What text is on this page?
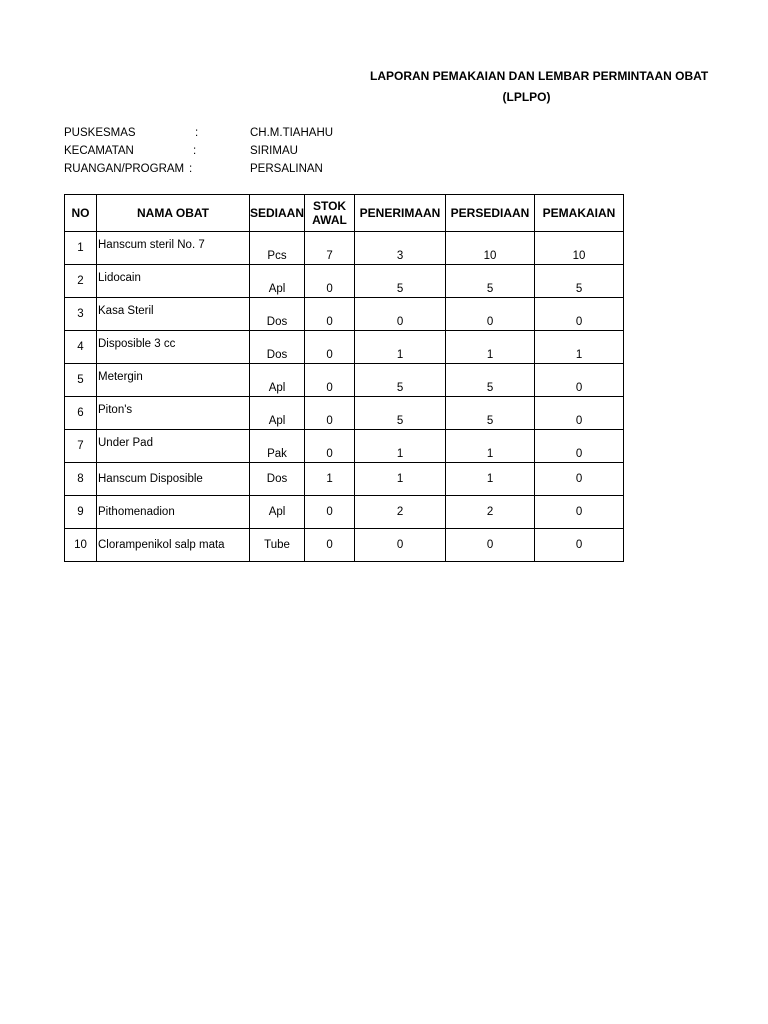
LAPORAN PEMAKAIAN DAN LEMBAR PERMINTAAN OBAT
(LPLPO)
PUSKESMAS	:	CH.M.TIAHAHU
KECAMATAN	:	SIRIMAU
RUANGAN/PROGRAM :	PERSALINAN
NO	NAMA OBAT	SEDIAAN	STOK
AWAL	PENERIMAAN	PERSEDIAAN	PEMAKAIAN
1	Hanscum steril No. 7	Pcs	7	3	10	10
2	Lidocain	Apl	0	5	5	5
3	Kasa Steril	Dos	0	0	0	0
4	Disposible 3 cc	Dos	0	1	1	1
5	Metergin	Apl	0	5	5	0
6	Piton's	Apl	0	5	5	0
7	Under Pad	Pak	0	1	1	0
8	Hanscum Disposible	Dos	1	1	1	0
9	Pithomenadion	Apl	0	2	2	0
10	Clorampenikol salp mata	Tube	0	0	0	0
